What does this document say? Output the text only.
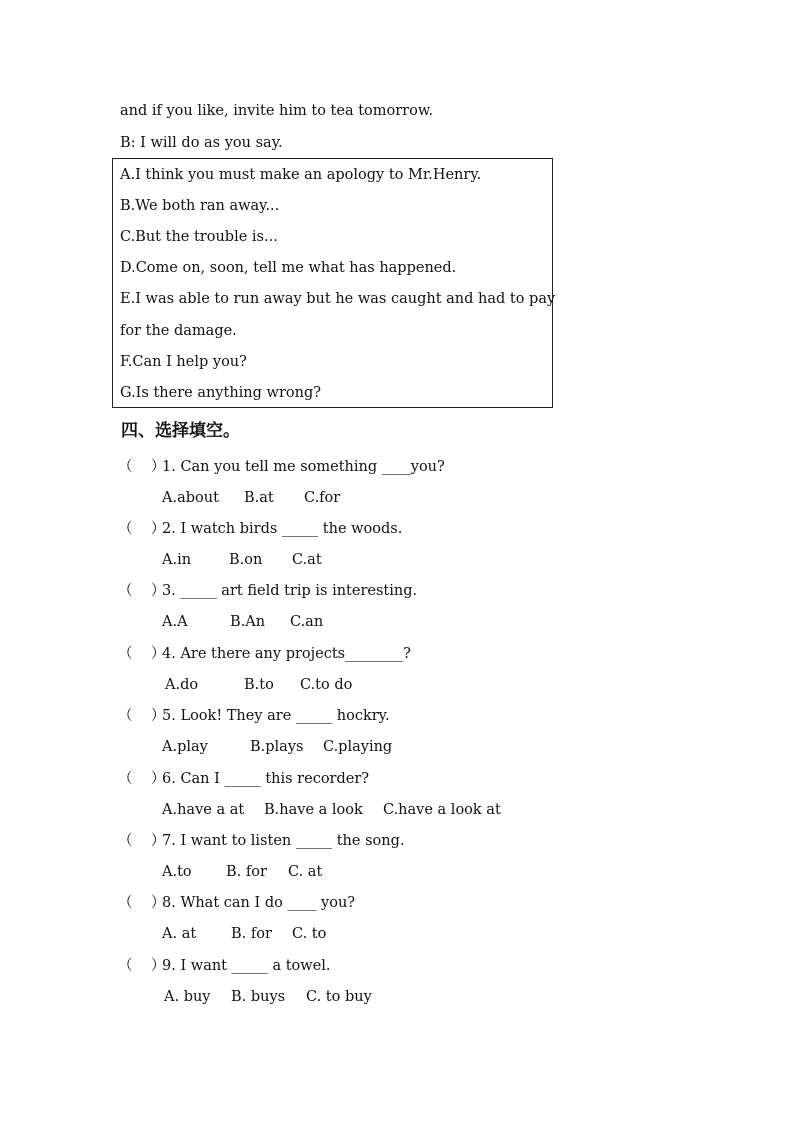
and if you like, invite him to tea tomorrow.
B: I will do as you say.
A.I think you must make an apology to Mr.Henry.
B.We both ran away...
C.But the trouble is...
D.Come on, soon, tell me what has happened.
E.I was able to run away but he was caught and had to pay
for the damage.
F.Can I help you?
G.Is there anything wrong?
四、选择填空。
（    ）
1. Can you tell me something ____you?
A.about B.at C.for
（    ）
2. I watch birds _____ the woods.
A.in	B.on C.at
（    ）
3. _____ art field trip is interesting.
A.A	B.An C.an
（    ）
4. Are there any projects________?
A.do	B.to C.to do
（    ）
5. Look! They are _____ hockry.
A.play	B.plays C.playing
（    ）
6. Can I _____ this recorder?
A.have a at B.have a look C.have a look at
（    ）
7. I want to listen _____ the song.
A.to B. for C. at
（    ）
8. What can I do ____ you?
A. at B. for C. to
（    ）
9. I want _____ a towel.
A. buy B. buys C. to buy
